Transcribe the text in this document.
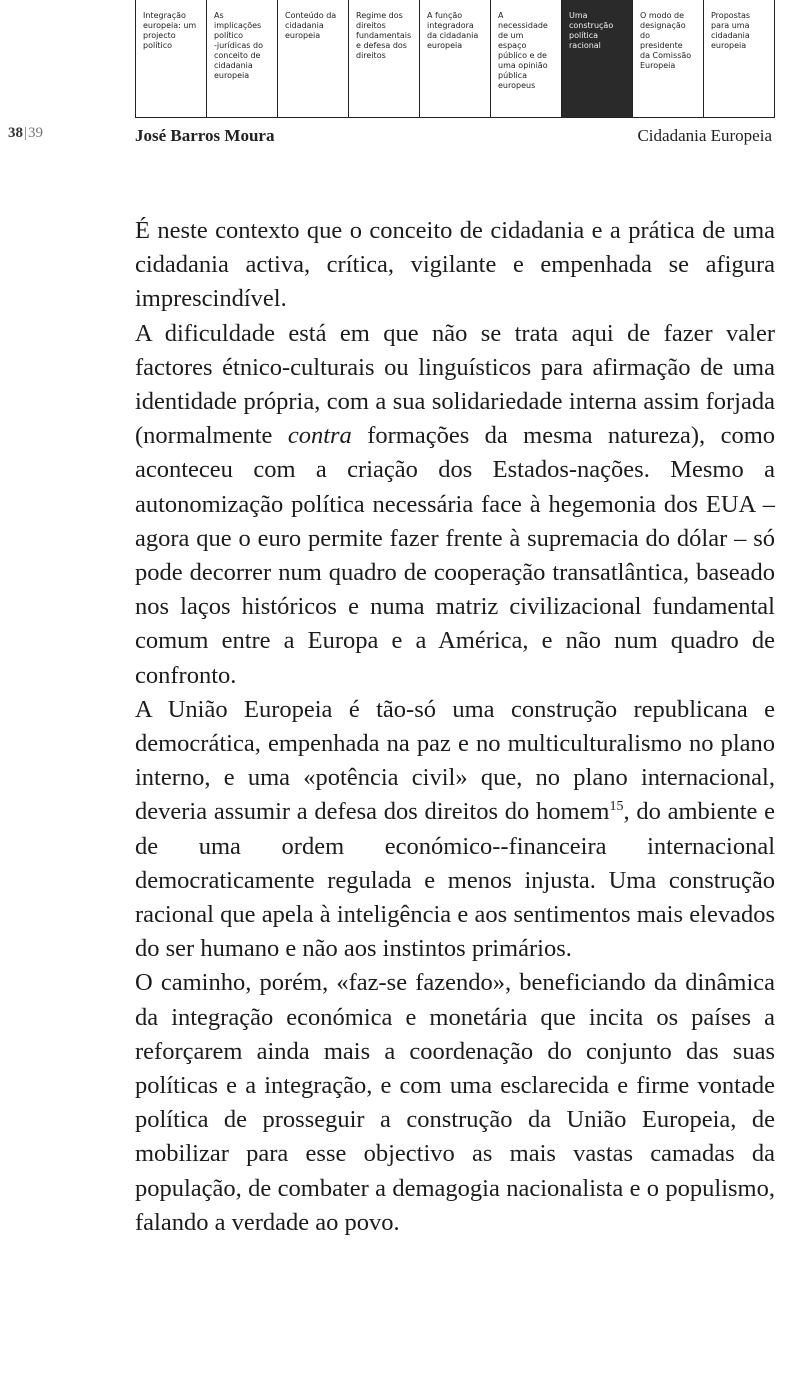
Integração
europeia: um
projecto
político
As
implicações
político
-jurídicas do
conceito de
cidadania
europeia
Conteúdo da
cidadania
europeia
Regime dos
direitos
fundamentais
e defesa dos
direitos
A função
integradora
da cidadania
europeia
A
necessidade
de um
espaço
público e de
uma opinião
pública
europeus
Uma
construção
política
racional
O modo de
designação
do
presidente
da Comissão
Europeia
Propostas
para uma
cidadania
europeia
38|39	José Barros Moura	Cidadania Europeia

É neste contexto que o conceito de cidadania e a prática de uma cidadania activa, crítica, vigilante e empenhada se afigura imprescindível.

A dificuldade está em que não se trata aqui de fazer valer factores étnico-culturais ou linguísticos para afirmação de uma identidade própria, com a sua solidariedade interna assim forjada (normalmente contra formações da mesma natureza), como aconteceu com a criação dos Estados-nações. Mesmo a autonomização política necessária face à hegemonia dos EUA – agora que o euro permite fazer frente à supremacia do dólar – só pode decorrer num quadro de cooperação transatlântica, baseado nos laços históricos e numa matriz civilizacional fundamental comum entre a Europa e a América, e não num quadro de confronto.

A União Europeia é tão-só uma construção republicana e democrática, empenhada na paz e no multiculturalismo no plano interno, e uma «potência civil» que, no plano internacional, deveria assumir a defesa dos direitos do homem$^{15}$, do ambiente e de uma ordem económico--financeira internacional democraticamente regulada e menos injusta. Uma construção racional que apela à inteligência e aos sentimentos mais elevados do ser humano e não aos instintos primários.

O caminho, porém, «faz-se fazendo», beneficiando da dinâmica da integração económica e monetária que incita os países a reforçarem ainda mais a coordenação do conjunto das suas políticas e a integração, e com uma esclarecida e firme vontade política de prosseguir a construção da União Europeia, de mobilizar para esse objectivo as mais vastas camadas da população, de combater a demagogia nacionalista e o populismo, falando a verdade ao povo.
